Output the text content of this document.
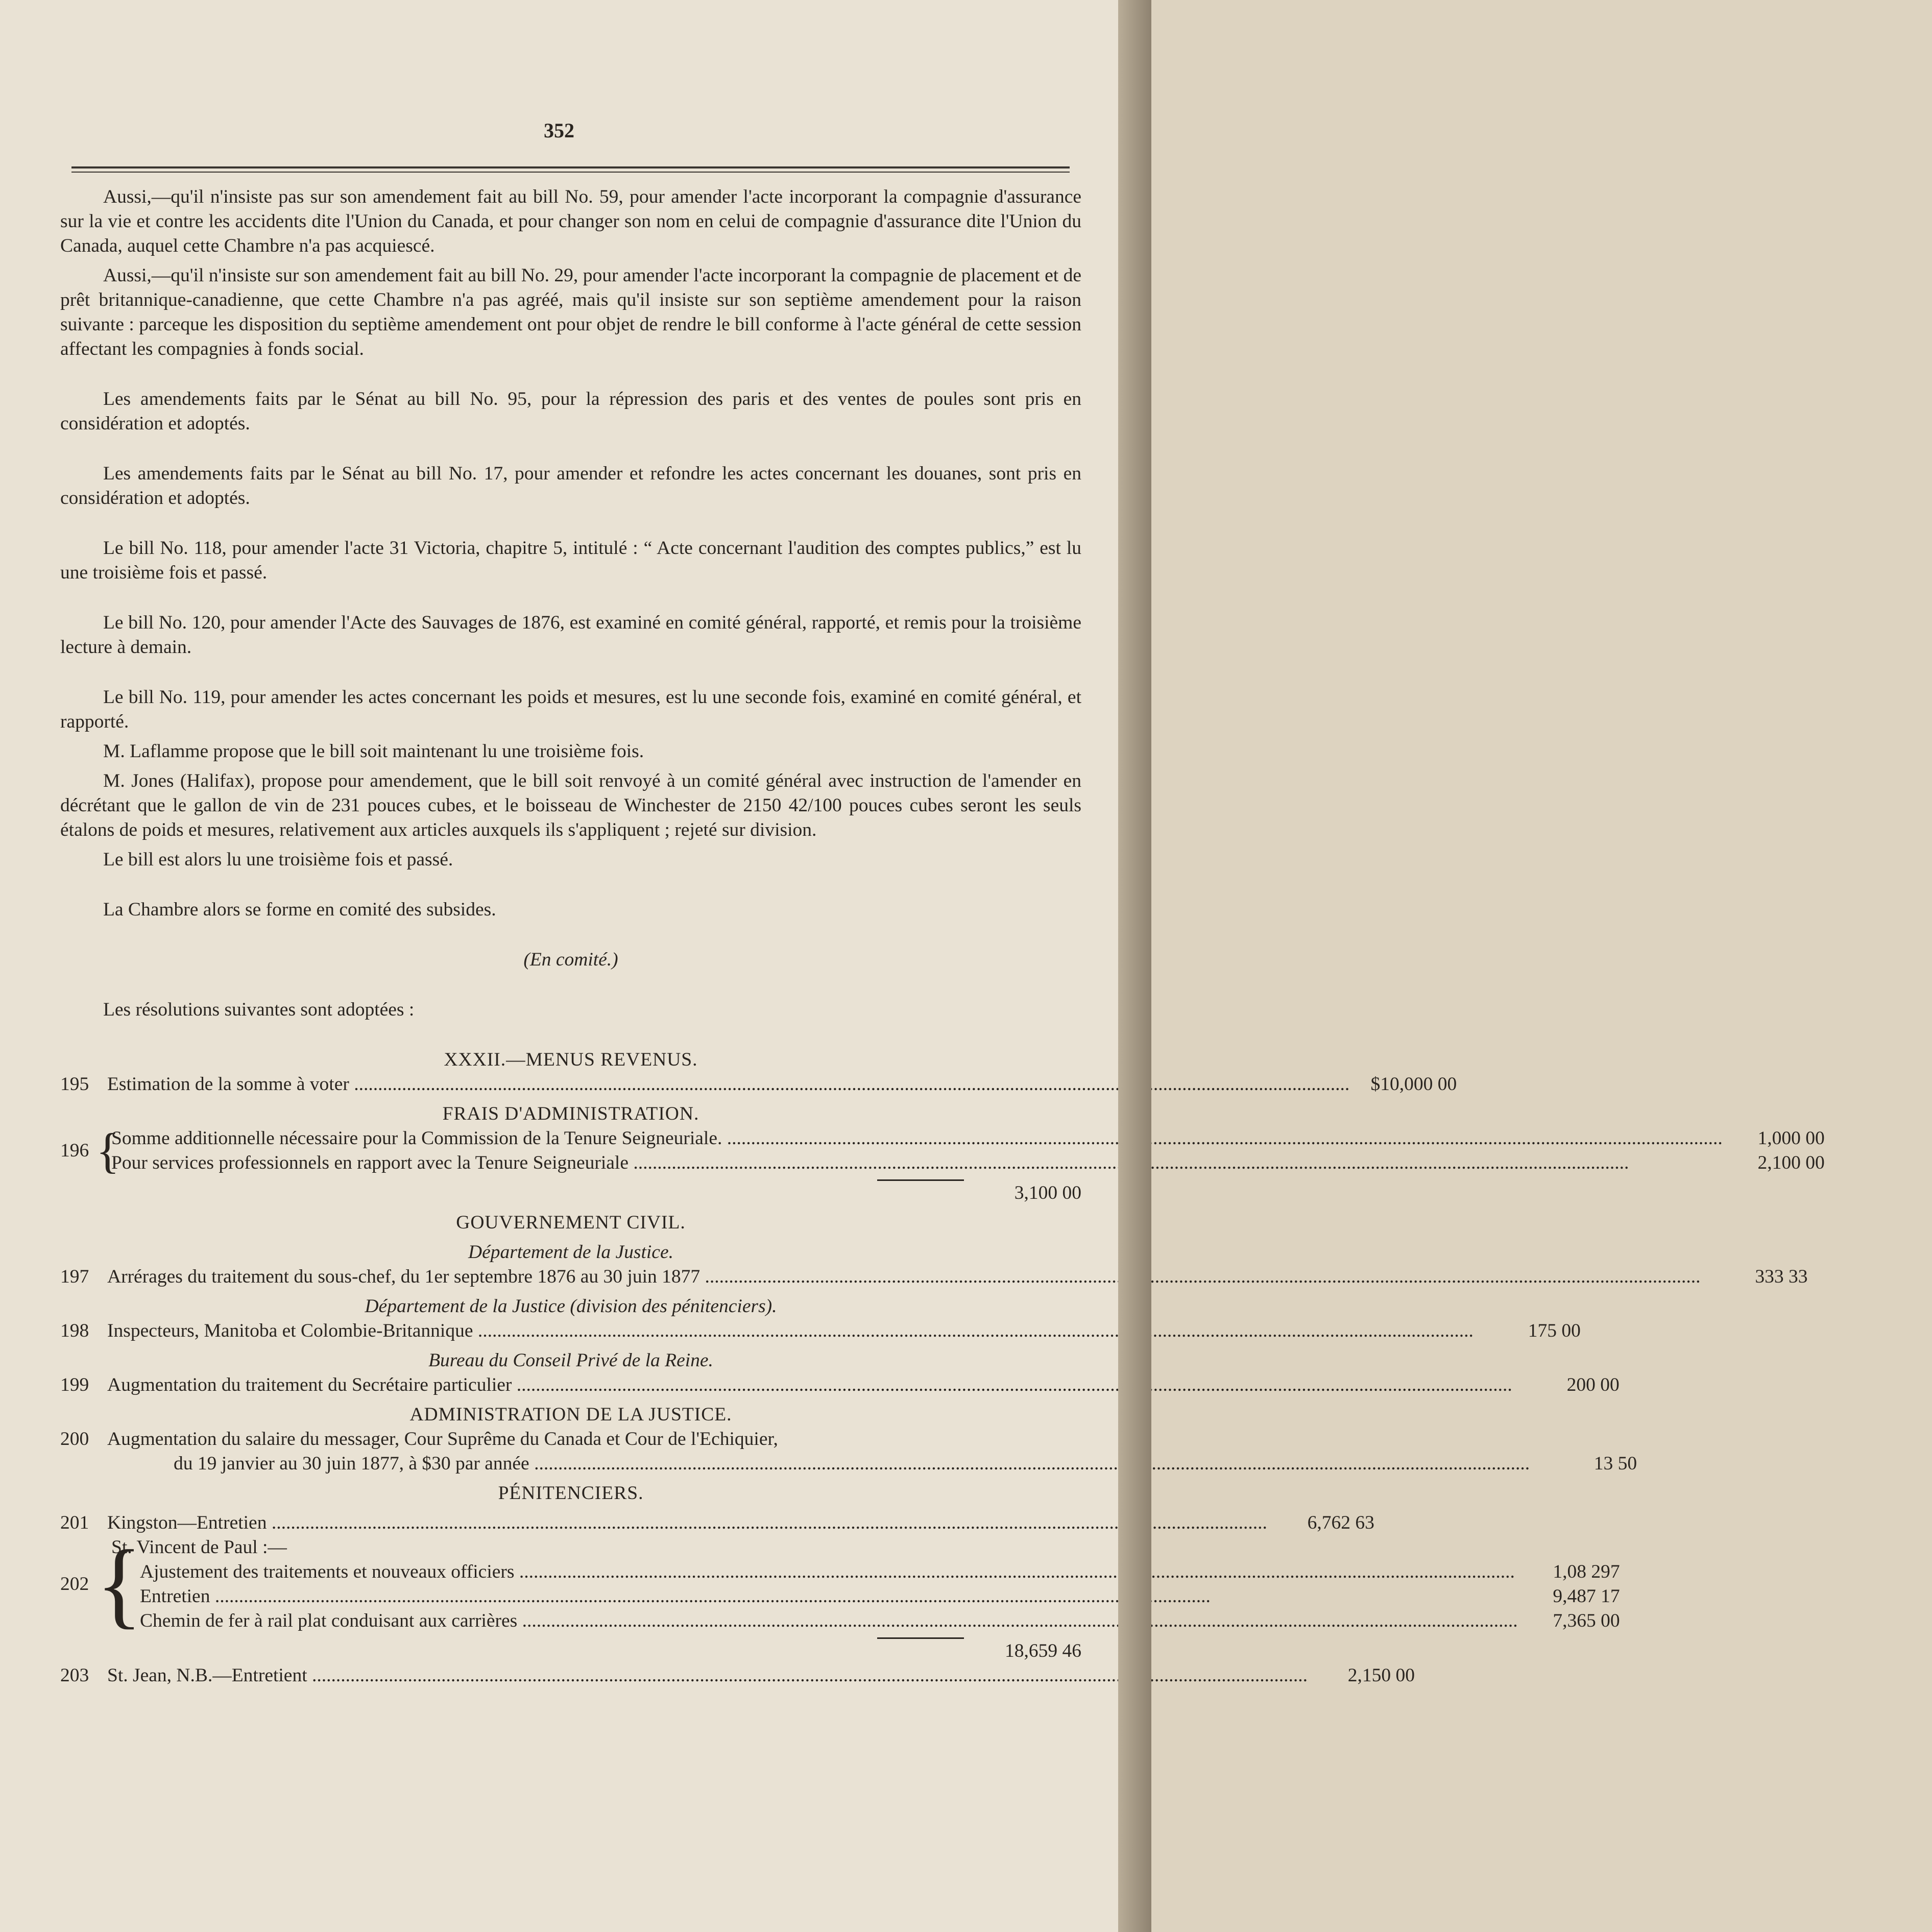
352

Aussi,—qu'il n'insiste pas sur son amendement fait au bill No. 59, pour amender l'acte incorporant la compagnie d'assurance sur la vie et contre les accidents dite l'Union du Canada, et pour changer son nom en celui de compagnie d'assurance dite l'Union du Canada, auquel cette Chambre n'a pas acquiescé.

Aussi,—qu'il n'insiste sur son amendement fait au bill No. 29, pour amender l'acte incorporant la compagnie de placement et de prêt britannique-canadienne, que cette Chambre n'a pas agréé, mais qu'il insiste sur son septième amendement pour la raison suivante : parceque les disposition du septième amendement ont pour objet de rendre le bill conforme à l'acte général de cette session affectant les compagnies à fonds social.

Les amendements faits par le Sénat au bill No. 95, pour la répression des paris et des ventes de poules sont pris en considération et adoptés.

Les amendements faits par le Sénat au bill No. 17, pour amender et refondre les actes concernant les douanes, sont pris en considération et adoptés.

Le bill No. 118, pour amender l'acte 31 Victoria, chapitre 5, intitulé : “ Acte concernant l'audition des comptes publics,” est lu une troisième fois et passé.

Le bill No. 120, pour amender l'Acte des Sauvages de 1876, est examiné en comité général, rapporté, et remis pour la troisième lecture à demain.

Le bill No. 119, pour amender les actes concernant les poids et mesures, est lu une seconde fois, examiné en comité général, et rapporté.

M. Laflamme propose que le bill soit maintenant lu une troisième fois.

M. Jones (Halifax), propose pour amendement, que le bill soit renvoyé à un comité général avec instruction de l'amender en décrétant que le gallon de vin de 231 pouces cubes, et le boisseau de Winchester de 2150 42/100 pouces cubes seront les seuls étalons de poids et mesures, relativement aux articles auxquels ils s'appliquent ; rejeté sur division.

Le bill est alors lu une troisième fois et passé.

La Chambre alors se forme en comité des subsides.

(En comité.)

Les résolutions suivantes sont adoptées :

XXXII.—MENUS REVENUS.

195 Estimation de la somme à voter .....	$10,000 00

FRAIS D'ADMINISTRATION.

196 {
Somme additionnelle nécessaire pour la Commission de la Tenure Seigneuriale. .....	1,000 00
Pour services professionnels en rapport avec la Tenure Seigneuriale .....	2,100 00

3,100 00

GOUVERNEMENT CIVIL.

Département de la Justice.

197 Arrérages du traitement du sous-chef, du 1er septembre 1876 au 30 juin 1877 .....	333 33

Département de la Justice (division des pénitenciers).

198 Inspecteurs, Manitoba et Colombie-Britannique .....	175 00

Bureau du Conseil Privé de la Reine.

199 Augmentation du traitement du Secrétaire particulier .....	200 00

ADMINISTRATION DE LA JUSTICE.

200 Augmentation du salaire du messager, Cour Suprême du Canada et Cour de l'Echiquier,
du 19 janvier au 30 juin 1877, à $30 par année .....	13 50

PÉNITENCIERS.

201 Kingston—Entretien .....	6,762 63
202 {

St. Vincent de Paul :—

Ajustement des traitements et nouveaux officiers .....	1,08 297
Entretien .....	9,487 17
Chemin de fer à rail plat conduisant aux carrières .....	7,365 00

18,659 46

203 St. Jean, N.B.—Entretient .....	2,150 00
